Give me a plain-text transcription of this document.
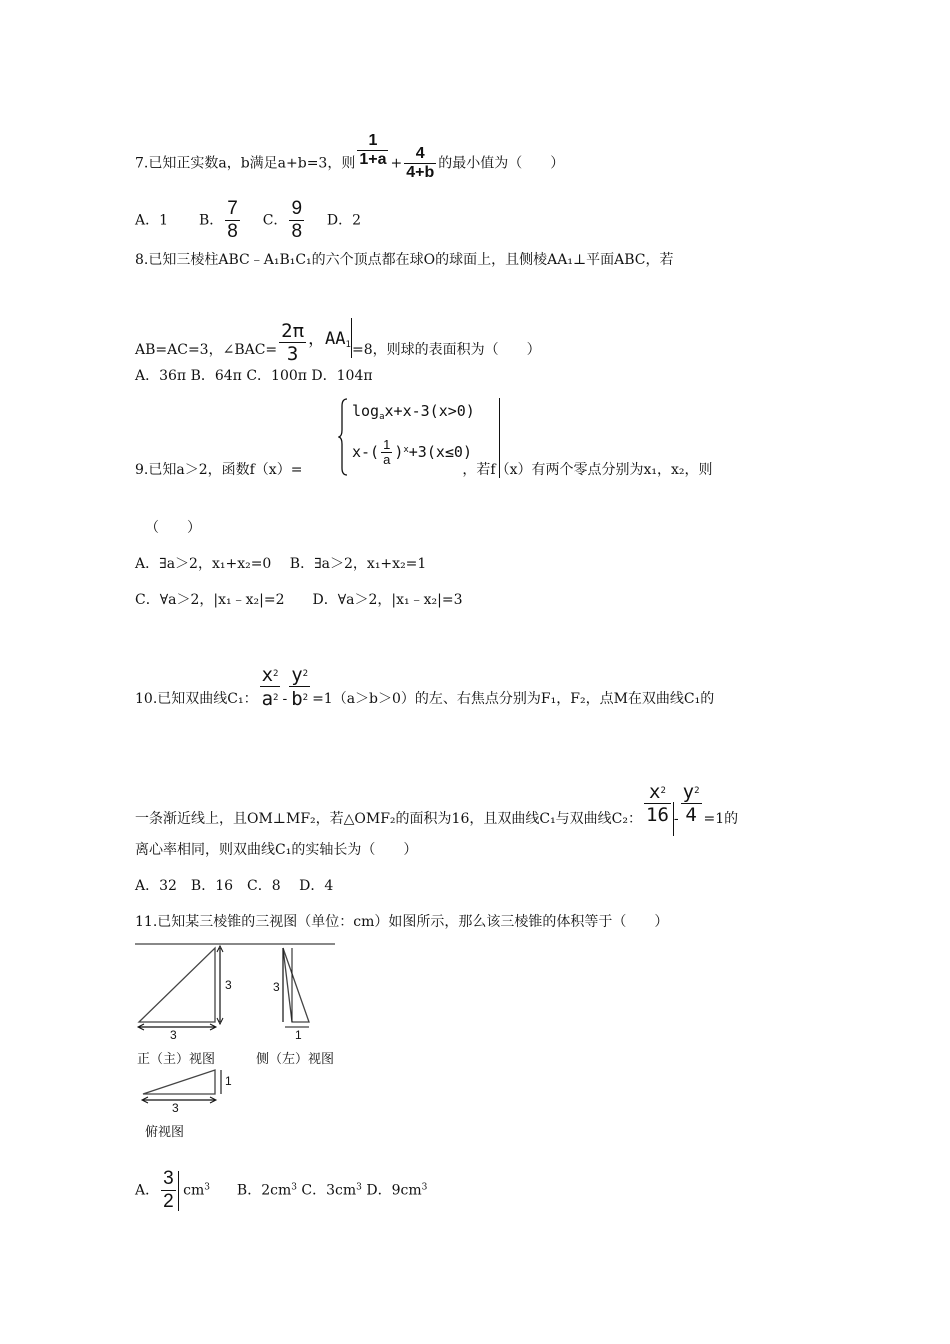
7.已知正实数a，b满足a+b=3，则 $\frac{1}{1+a} + \frac{4}{4+b}$ 的最小值为（　　）
A．1 B． $\frac{7}{8}$ C． $\frac{9}{8}$ D．2
8.已知三棱柱ABC﹣A₁B₁C₁的六个顶点都在球O的球面上，且侧棱AA₁⊥平面ABC，若
AB=AC=3，∠BAC= $\frac{2\pi}{3}$ ，$AA_1=8$，则球的表面积为（　　）
A．36π B．64π C．100π D．104π
$\log_ax+x-3(x>0)$
$x-( \frac{1}{a} )^x+3(x\le 0)$
9.已知a＞2，函数f（x）=	，若f（x）有两个零点分别为x₁，x₂，则
（　　）
A．∃a＞2，x₁+x₂=0　 B．∃a＞2，x₁+x₂=1
C．∀a＞2，|x₁﹣x₂|=2　　D．∀a＞2，|x₁﹣x₂|=3
10.已知双曲线C₁： $\frac{x^2}{a^2} - \frac{y^2}{b^2} =1(a>b>0)$的左、右焦点分别为F₁，F₂，点M在双曲线C₁的
一条渐近线上，且OM⊥MF₂，若△OMF₂的面积为16，且双曲线C₁与双曲线C₂： $\frac{x^2}{16} - \frac{y^2}{4} =1$的
离心率相同，则双曲线C₁的实轴长为（　　）
A．32　B．16　C．8　 D．4
11.已知某三棱锥的三视图（单位：cm）如图所示，那么该三棱锥的体积等于（　　）
3
3
3
1
1
3
正（主）视图	侧（左）视图
俯视图
A． $\frac{3}{2} cm^3$ B．$2cm^3$ C．$3cm^3$ D．$9cm^3$
